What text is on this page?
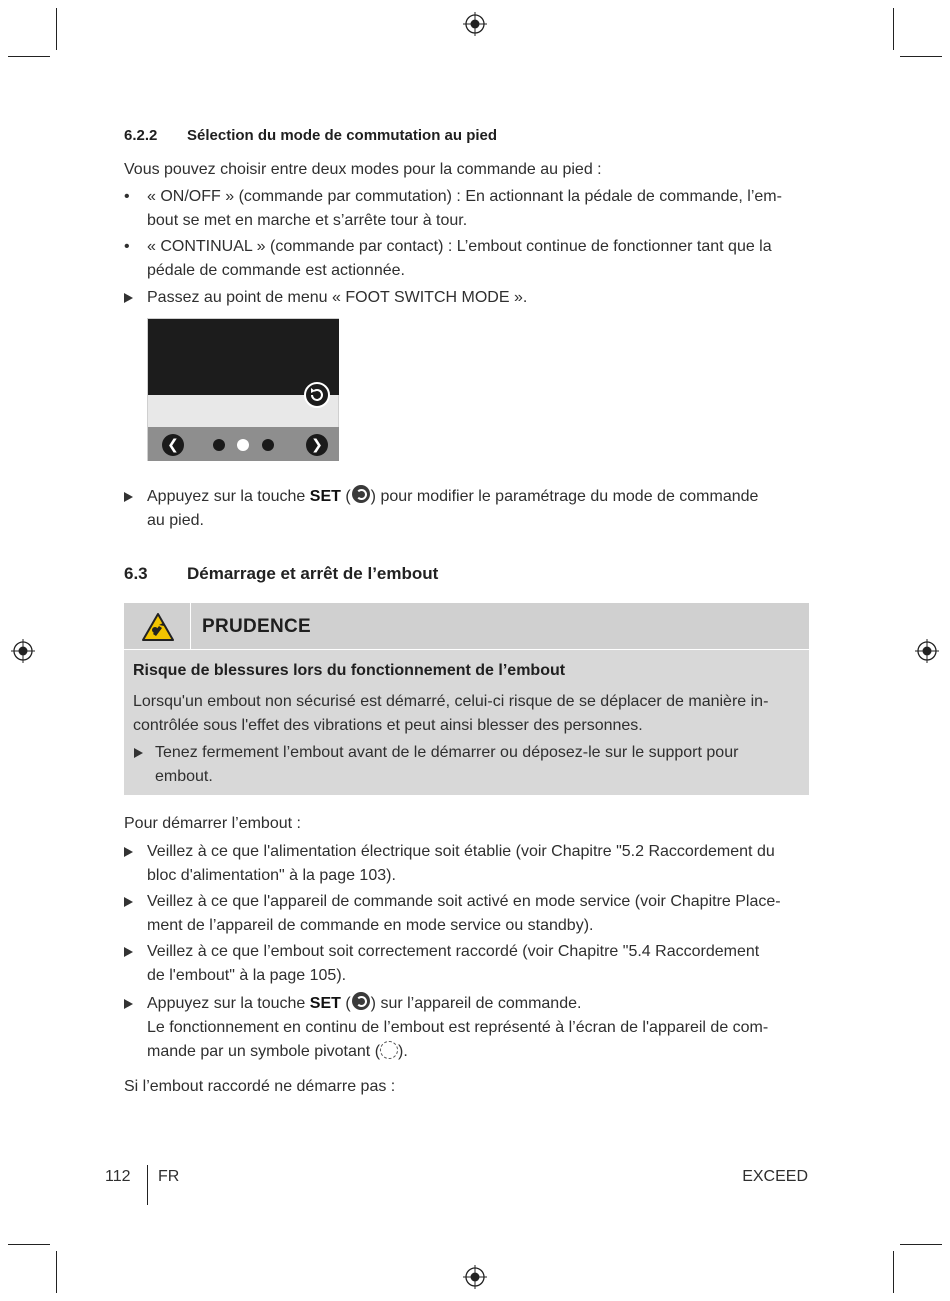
6.2.2 Sélection du mode de commutation au pied
Vous pouvez choisir entre deux modes pour la commande au pied :
•	« ON/OFF » (commande par commutation) : En actionnant la pédale de commande, l’em-
bout se met en marche et s’arrête tour à tour.
•	« CONTINUAL » (commande par contact) : L’embout continue de fonctionner tant que la
pédale de commande est actionnée.
Passez au point de menu « FOOT SWITCH MODE ».
❮	❯
Appuyez sur la touche SET ( ) pour modifier le paramétrage du mode de commande
au pied.
6.3 Démarrage et arrêt de l’embout
PRUDENCE
Risque de blessures lors du fonctionnement de l’embout
Lorsqu'un embout non sécurisé est démarré, celui-ci risque de se déplacer de manière in-
contrôlée sous l'effet des vibrations et peut ainsi blesser des personnes.
Tenez fermement l’embout avant de le démarrer ou déposez-le sur le support pour
embout.
Pour démarrer l’embout :
Veillez à ce que l'alimentation électrique soit établie (voir Chapitre "5.2 Raccordement du
bloc d'alimentation" à la page 103).
Veillez à ce que l'appareil de commande soit activé en mode service (voir Chapitre Place-
ment de l’appareil de commande en mode service ou standby).
Veillez à ce que l’embout soit correctement raccordé (voir Chapitre "5.4 Raccordement
de l'embout" à la page 105).
Appuyez sur la touche SET ( ) sur l’appareil de commande.
Le fonctionnement en continu de l’embout est représenté à l’écran de l'appareil de com-
mande par un symbole pivotant ( ).
Si l’embout raccordé ne démarre pas :
112 FR	EXCEED
